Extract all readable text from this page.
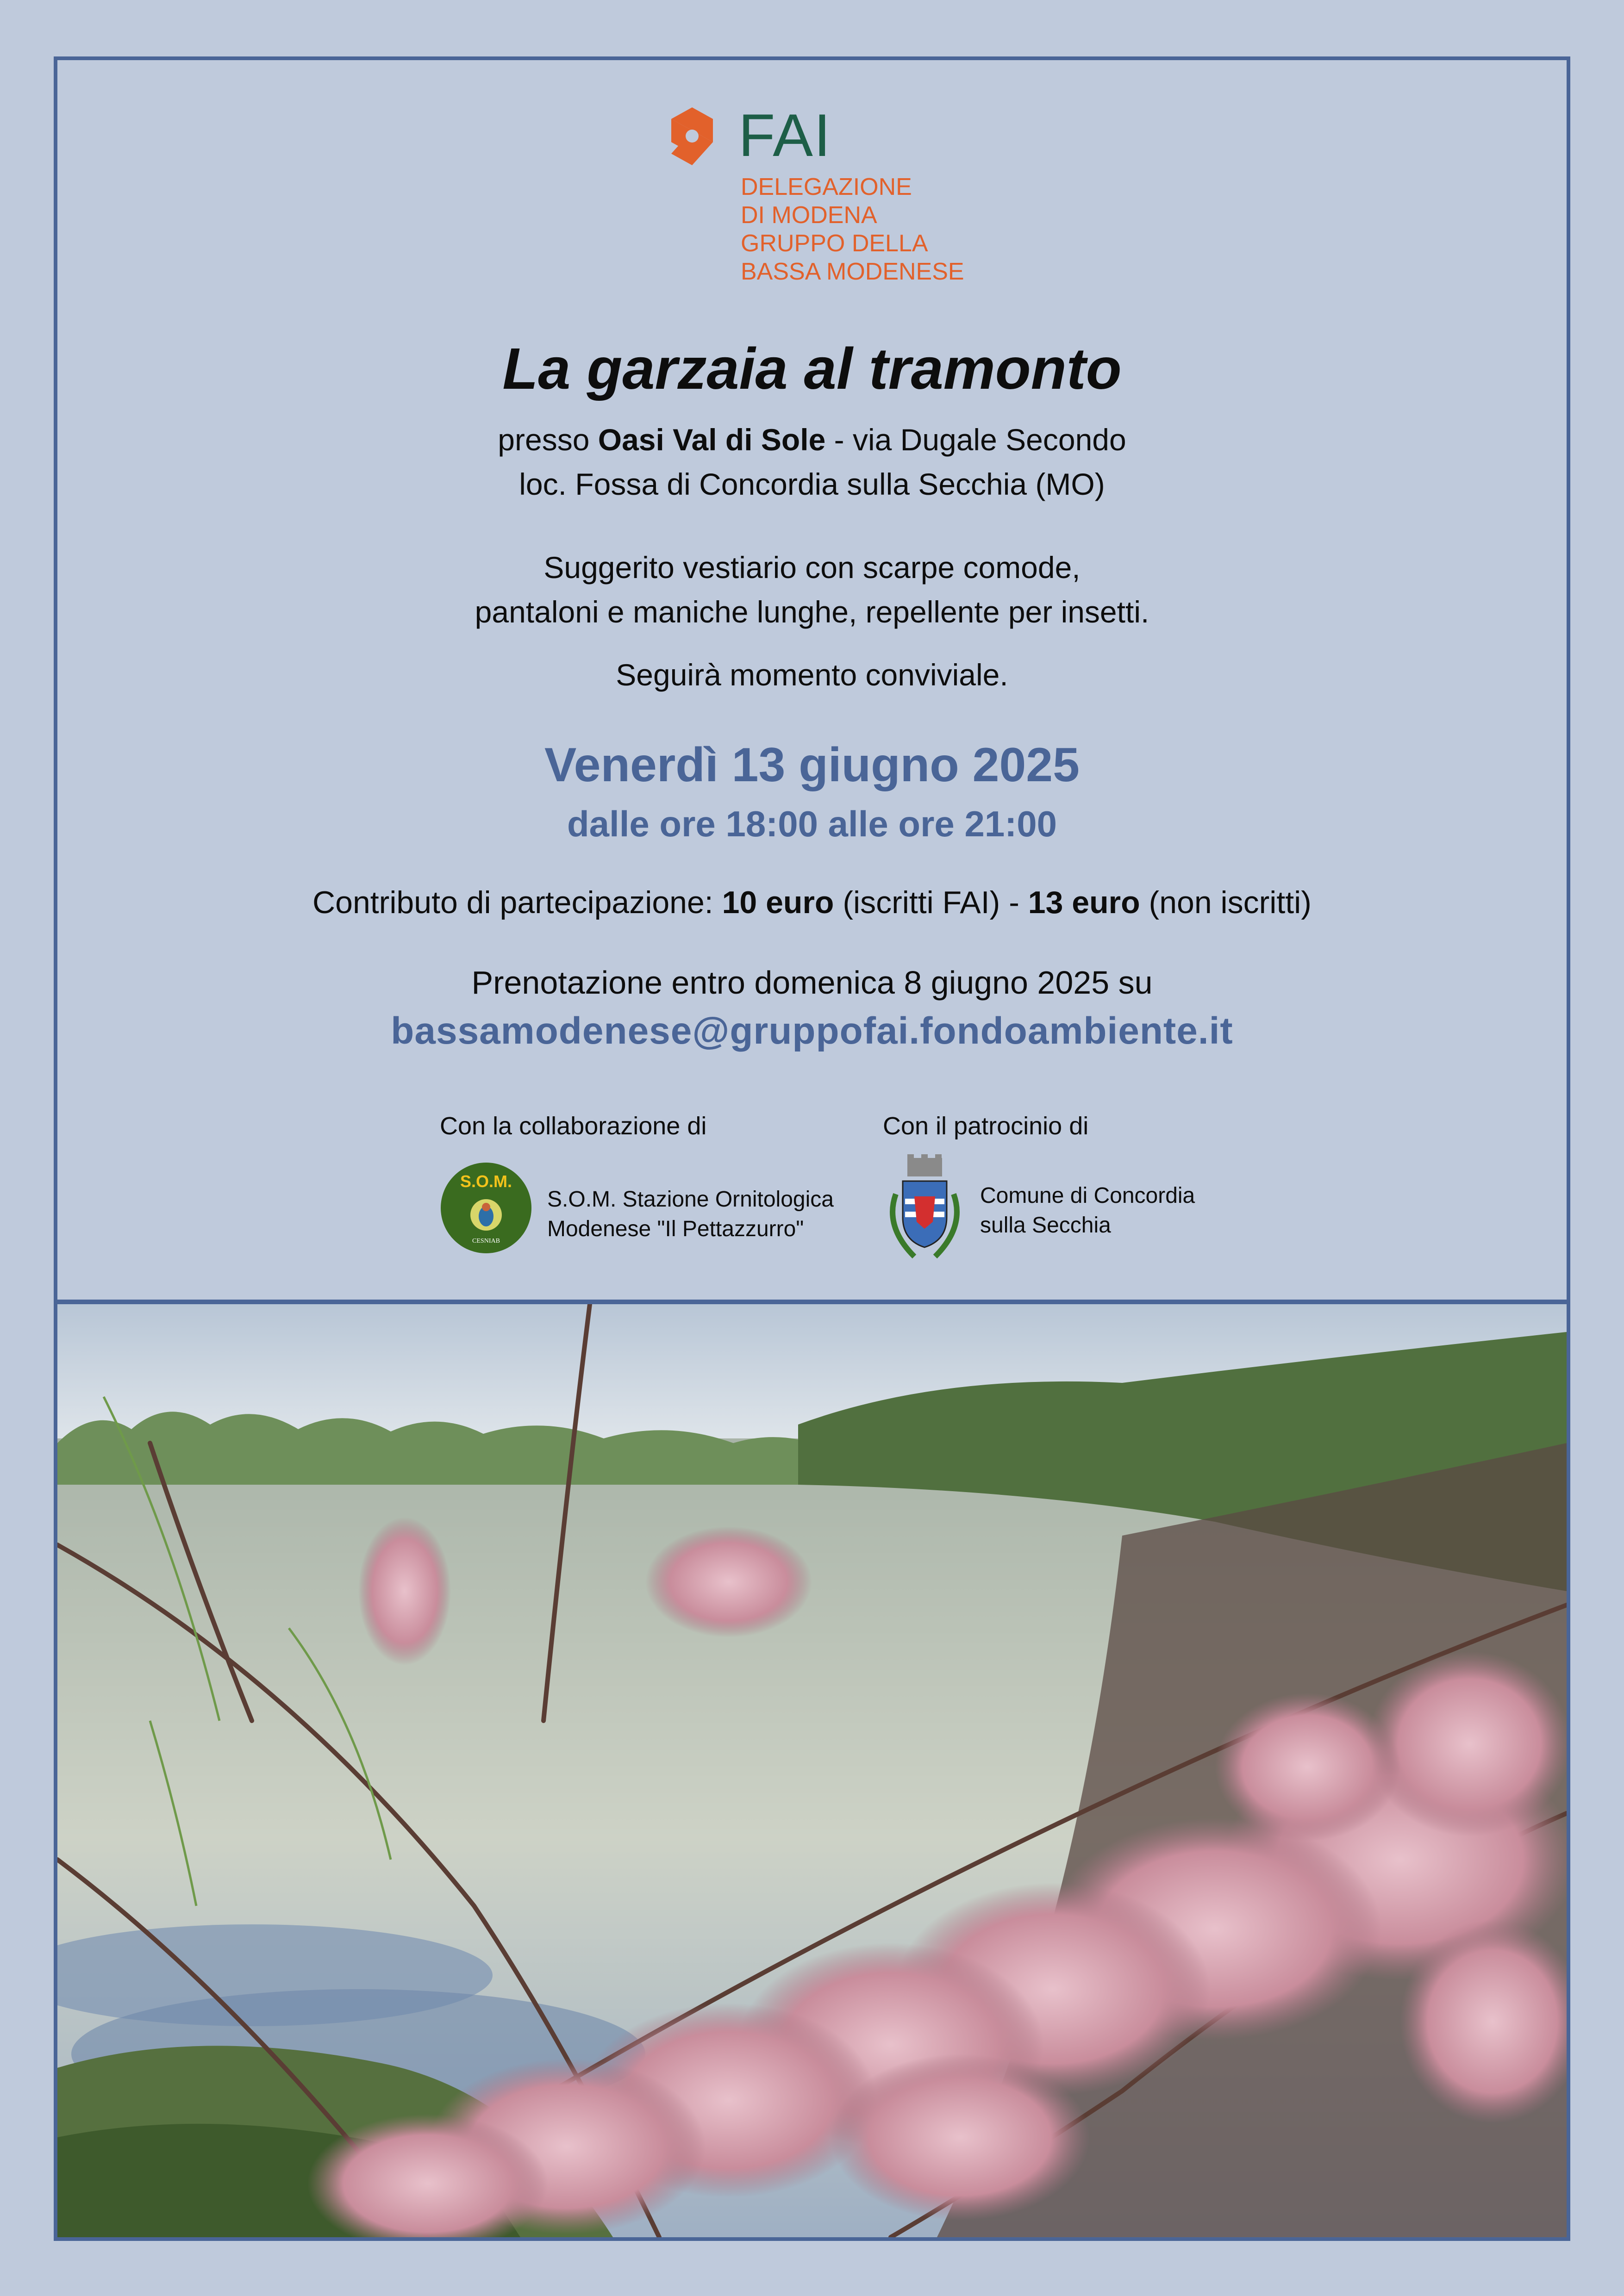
FAI
DELEGAZIONE
DI MODENA
GRUPPO DELLA
BASSA MODENESE
La garzaia al tramonto

presso Oasi Val di Sole - via Dugale Secondo

loc. Fossa di Concordia sulla Secchia (MO)

Suggerito vestiario con scarpe comode,

pantaloni e maniche lunghe, repellente per insetti.

Seguirà momento conviviale.

Venerdì 13 giugno 2025

dalle ore 18:00 alle ore 21:00

Contributo di partecipazione: 10 euro (iscritti FAI) - 13 euro (non iscritti)

Prenotazione entro domenica 8 giugno 2025 su

bassamodenese@gruppofai.fondoambiente.it

Con la collaborazione di
S.O.M.
CESNIAB
S.O.M. Stazione Ornitologica
Modenese "Il Pettazzurro"
Con il patrocinio di
Comune di Concordia
sulla Secchia
